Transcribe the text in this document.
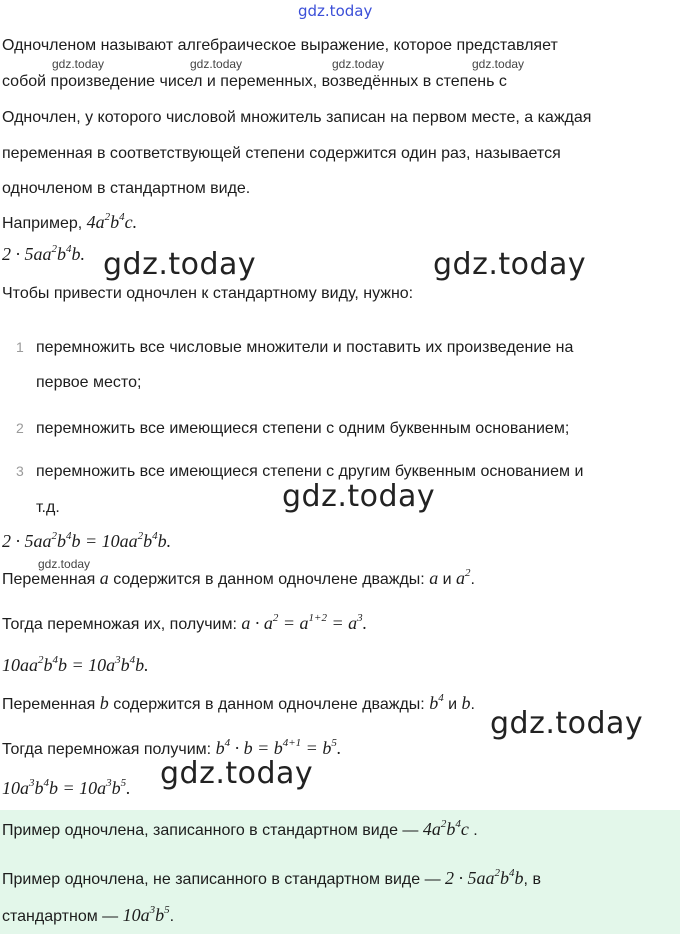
gdz.today
Одночленом называют алгебраическое выражение, которое представляет
gdz.today	gdz.today	gdz.today	gdz.today
собой произведение чисел и переменных, возведённых в степень с
Одночлен, у которого числовой множитель записан на первом месте, а каждая
переменная в соответствующей степени содержится один раз, называется
одночленом в стандартном виде.
Например, $4a^2b^4c$.
$2 \cdot 5aa^2b^4b$. gdz.today	gdz.today
Чтобы привести одночлен к стандартному виду, нужно:
1 перемножить все числовые множители и поставить их произведение на
первое место;
2 перемножить все имеющиеся степени с одним буквенным основанием;
3 перемножить все имеющиеся степени с другим буквенным основанием и
т.д.	gdz.today
$2 \cdot 5aa^2b^4b = 10aa^2b^4b$.
gdz.today
Переменная a содержится в данном одночлене дважды: a и $a^2$.
Тогда перемножая их, получим: $a \cdot a^2 = a^{1+2} = a^3$.
$10aa^2b^4b = 10a^3b^4b$.
Переменная b содержится в данном одночлене дважды: $b^4$ и b.
gdz.today
Тогда перемножая получим: $b^4 \cdot b = b^{4+1} = b^5$.
$10a^3b^4b = 10a^3b^5$. gdz.today
Пример одночлена, записанного в стандартном виде — $4a^2b^4c$ .
Пример одночлена, не записанного в стандартном виде — $2 \cdot 5aa^2b^4b$, в
стандартном — $10a^3b^5$.
